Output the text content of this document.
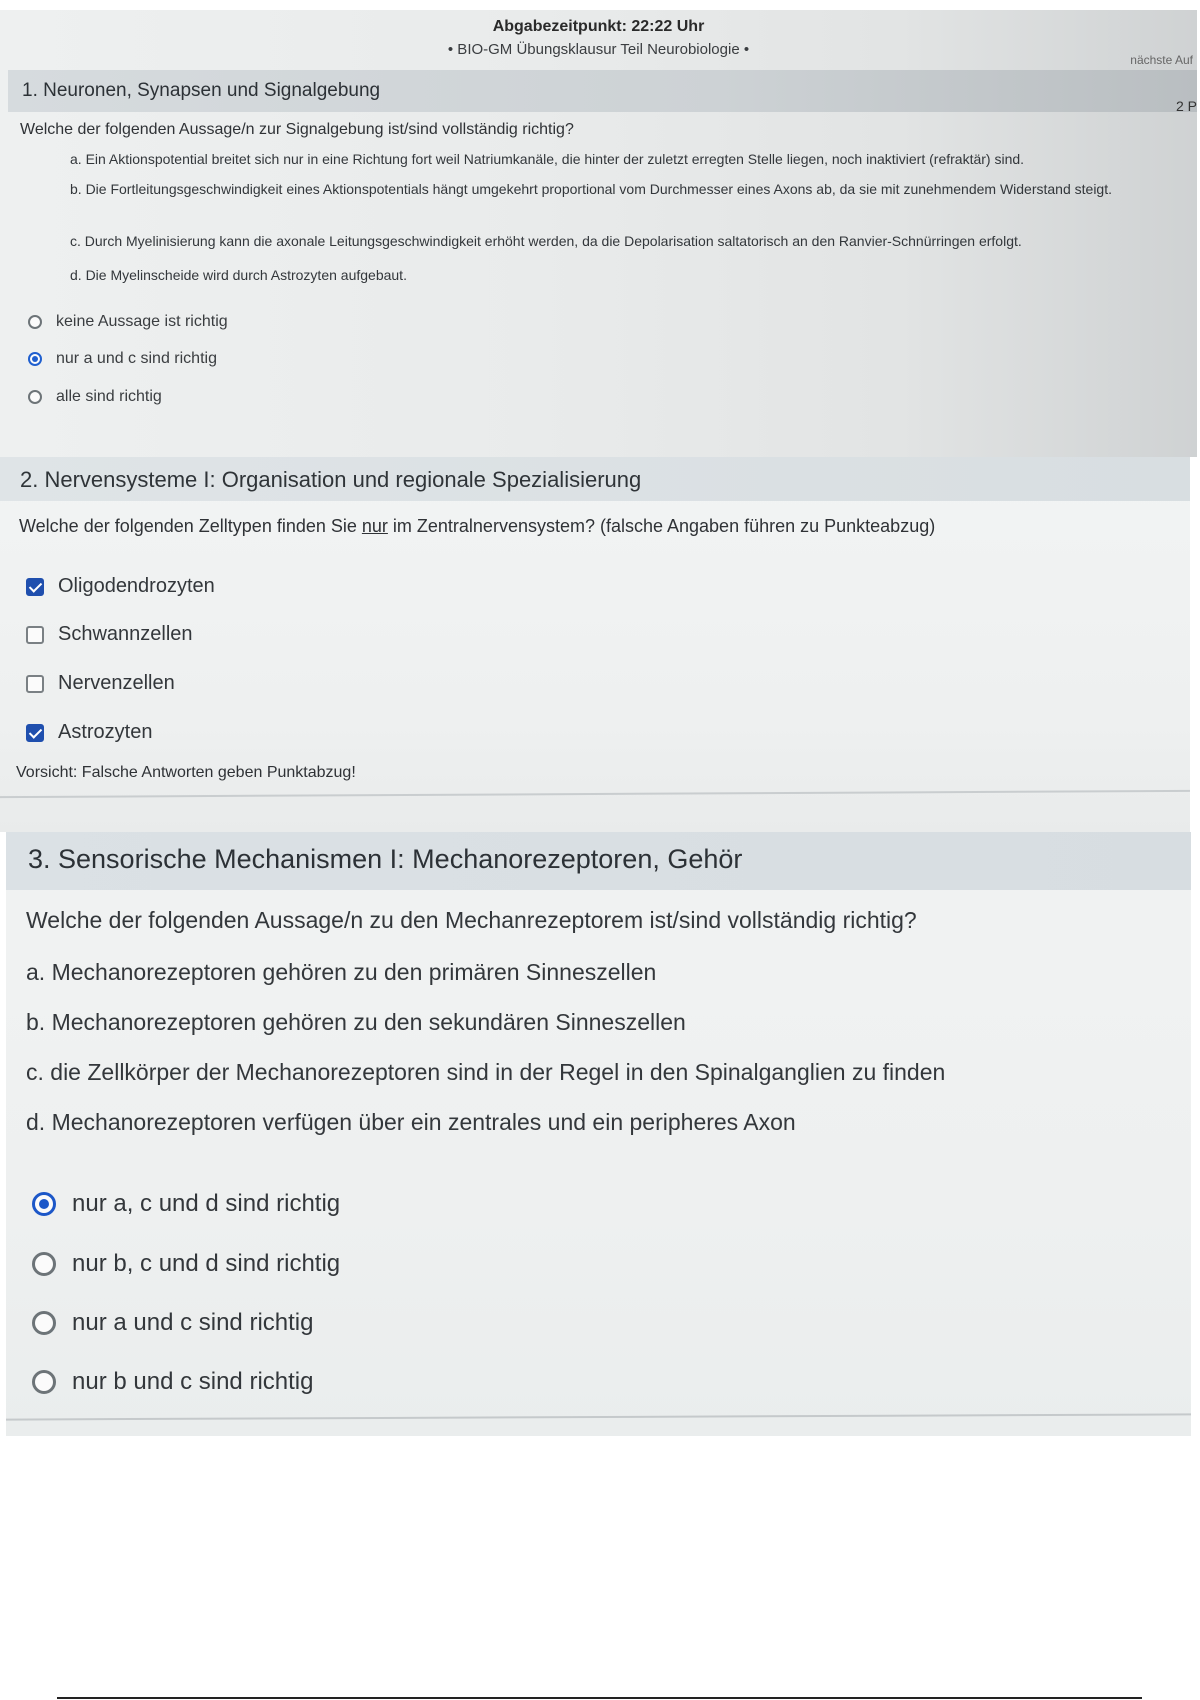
Abgabezeitpunkt: 22:22 Uhr
• BIO-GM Übungsklausur Teil Neurobiologie •
nächste Auf
1. Neuronen, Synapsen und Signalgebung
2 P
Welche der folgenden Aussage/n zur Signalgebung ist/sind vollständig richtig?
a. Ein Aktionspotential breitet sich nur in eine Richtung fort weil Natriumkanäle, die hinter der zuletzt erregten Stelle liegen, noch inaktiviert (refraktär) sind.
b. Die Fortleitungsgeschwindigkeit eines Aktionspotentials hängt umgekehrt proportional vom Durchmesser eines Axons ab, da sie mit zunehmendem Widerstand steigt.
c. Durch Myelinisierung kann die axonale Leitungsgeschwindigkeit erhöht werden, da die Depolarisation saltatorisch an den Ranvier-Schnürringen erfolgt.
d. Die Myelinscheide wird durch Astrozyten aufgebaut.
keine Aussage ist richtig
nur a und c sind richtig
alle sind richtig
2. Nervensysteme I: Organisation und regionale Spezialisierung
Welche der folgenden Zelltypen finden Sie nur im Zentralnervensystem? (falsche Angaben führen zu Punkteabzug)
Oligodendrozyten
Schwannzellen
Nervenzellen
Astrozyten
Vorsicht: Falsche Antworten geben Punktabzug!
3. Sensorische Mechanismen I: Mechanorezeptoren, Gehör
Welche der folgenden Aussage/n zu den Mechanrezeptorem ist/sind vollständig richtig?
a. Mechanorezeptoren gehören zu den primären Sinneszellen
b. Mechanorezeptoren gehören zu den sekundären Sinneszellen
c. die Zellkörper der Mechanorezeptoren sind in der Regel in den Spinalganglien zu finden
d. Mechanorezeptoren verfügen über ein zentrales und ein peripheres Axon
nur a, c und d sind richtig
nur b, c und d sind richtig
nur a und c sind richtig
nur b und c sind richtig
